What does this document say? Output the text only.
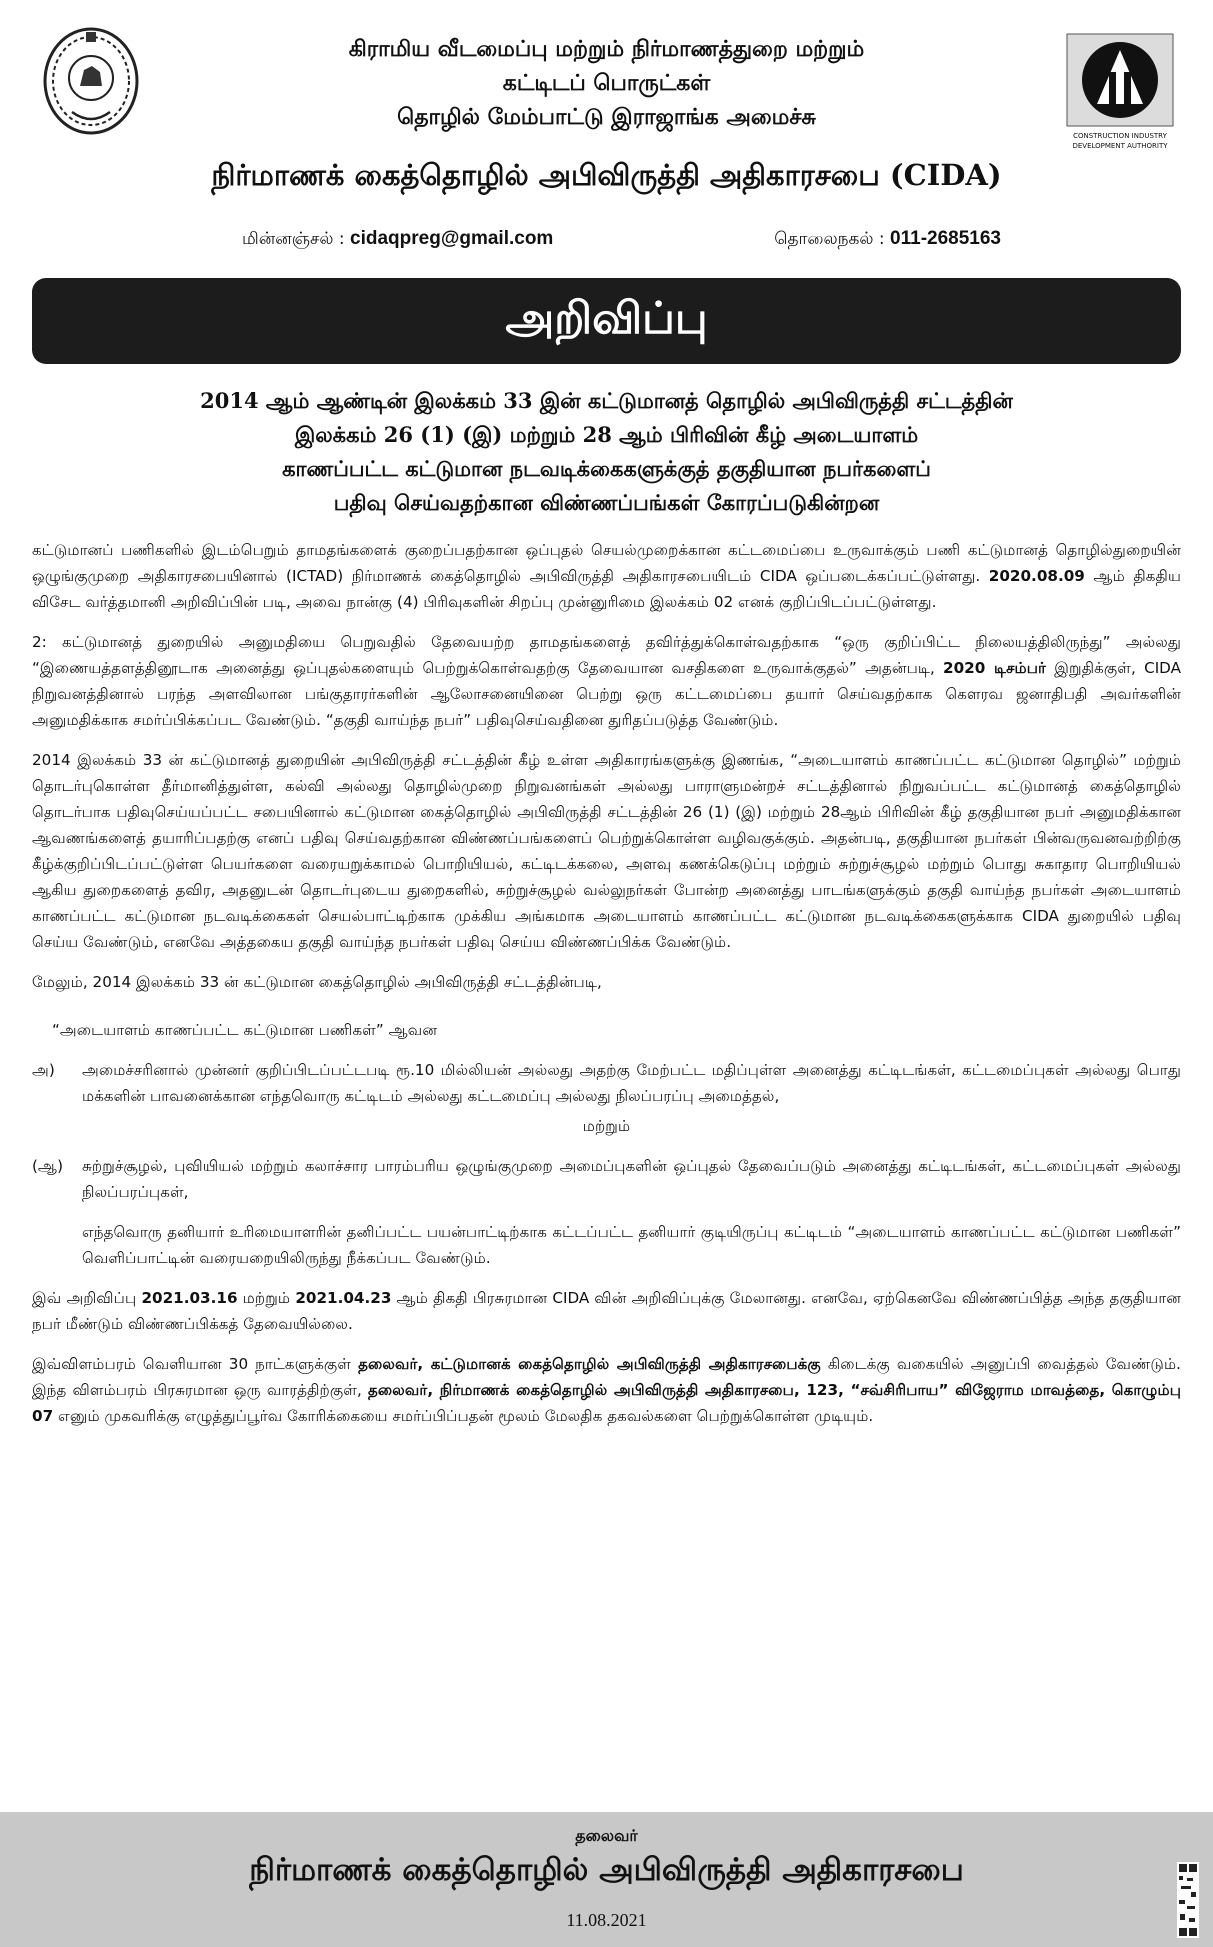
கிராமிய வீடமைப்பு மற்றும் நிர்மாணத்துறை மற்றும்
கட்டிடப் பொருட்கள்
தொழில் மேம்பாட்டு இராஜாங்க அமைச்சு
CONSTRUCTION INDUSTRY
DEVELOPMENT AUTHORITY
நிர்மாணக் கைத்தொழில் அபிவிருத்தி அதிகாரசபை (CIDA)
மின்னஞ்சல் : cidaqpreg@gmail.com	தொலைநகல் : 011-2685163
அறிவிப்பு
2014 ஆம் ஆண்டின் இலக்கம் 33 இன் கட்டுமானத் தொழில் அபிவிருத்தி சட்டத்தின்
இலக்கம் 26 (1) (இ) மற்றும் 28 ஆம் பிரிவின் கீழ் அடையாளம்
காணப்பட்ட கட்டுமான நடவடிக்கைகளுக்குத் தகுதியான நபர்களைப்
பதிவு செய்வதற்கான விண்ணப்பங்கள் கோரப்படுகின்றன

கட்டுமானப் பணிகளில் இடம்பெறும் தாமதங்களைக் குறைப்பதற்கான ஒப்புதல் செயல்முறைக்கான கட்டமைப்பை உருவாக்கும் பணி கட்டுமானத் தொழில்துறையின் ஒழுங்குமுறை அதிகாரசபையினால் (ICTAD) நிர்மாணக் கைத்தொழில் அபிவிருத்தி அதிகாரசபையிடம் CIDA ஒப்படைக்கப்பட்டுள்ளது. 2020.08.09 ஆம் திகதிய விசேட வர்த்தமானி அறிவிப்பின் படி, அவை நான்கு (4) பிரிவுகளின் சிறப்பு முன்னுரிமை இலக்கம் 02 எனக் குறிப்பிடப்பட்டுள்ளது.

2: கட்டுமானத் துறையில் அனுமதியை பெறுவதில் தேவையற்ற தாமதங்களைத் தவிர்த்துக்கொள்வதற்காக “ஒரு குறிப்பிட்ட நிலையத்திலிருந்து” அல்லது “இணையத்தளத்தினூடாக அனைத்து ஒப்புதல்களையும் பெற்றுக்கொள்வதற்கு தேவையான வசதிகளை உருவாக்குதல்” அதன்படி, 2020 டிசம்பர் இறுதிக்குள், CIDA நிறுவனத்தினால் பரந்த அளவிலான பங்குதாரர்களின் ஆலோசனையினை பெற்று ஒரு கட்டமைப்பை தயார் செய்வதற்காக கௌரவ ஜனாதிபதி அவர்களின் அனுமதிக்காக சமர்ப்பிக்கப்பட வேண்டும். “தகுதி வாய்ந்த நபர்” பதிவுசெய்வதினை துரிதப்படுத்த வேண்டும்.

2014 இலக்கம் 33 ன் கட்டுமானத் துறையின் அபிவிருத்தி சட்டத்தின் கீழ் உள்ள அதிகாரங்களுக்கு இணங்க, “அடையாளம் காணப்பட்ட கட்டுமான தொழில்” மற்றும் தொடர்புகொள்ள தீர்மானித்துள்ள, கல்வி அல்லது தொழில்முறை நிறுவனங்கள் அல்லது பாராளுமன்றச் சட்டத்தினால் நிறுவப்பட்ட கட்டுமானத் கைத்தொழில் தொடர்பாக பதிவுசெய்யப்பட்ட சபையினால் கட்டுமான கைத்தொழில் அபிவிருத்தி சட்டத்தின் 26 (1) (இ) மற்றும் 28ஆம் பிரிவின் கீழ் தகுதியான நபர் அனுமதிக்கான ஆவணங்களைத் தயாரிப்பதற்கு எனப் பதிவு செய்வதற்கான விண்ணப்பங்களைப் பெற்றுக்கொள்ள வழிவகுக்கும். அதன்படி, தகுதியான நபர்கள் பின்வருவனவற்றிற்கு கீழ்க்குறிப்பிடப்பட்டுள்ள பெயர்களை வரையறுக்காமல் பொறியியல், கட்டிடக்கலை, அளவு கணக்கெடுப்பு மற்றும் சுற்றுச்சூழல் மற்றும் பொது சுகாதார பொறியியல் ஆகிய துறைகளைத் தவிர, அதனுடன் தொடர்புடைய துறைகளில், சுற்றுச்சூழல் வல்லுநர்கள் போன்ற அனைத்து பாடங்களுக்கும் தகுதி வாய்ந்த நபர்கள் அடையாளம் காணப்பட்ட கட்டுமான நடவடிக்கைகள் செயல்பாட்டிற்காக முக்கிய அங்கமாக அடையாளம் காணப்பட்ட கட்டுமான நடவடிக்கைகளுக்காக CIDA துறையில் பதிவு செய்ய வேண்டும், எனவே அத்தகைய தகுதி வாய்ந்த நபர்கள் பதிவு செய்ய விண்ணப்பிக்க வேண்டும்.

மேலும், 2014 இலக்கம் 33 ன் கட்டுமான கைத்தொழில் அபிவிருத்தி சட்டத்தின்படி,

“அடையாளம் காணப்பட்ட கட்டுமான பணிகள்” ஆவன

அ)	அமைச்சரினால் முன்னர் குறிப்பிடப்பட்டபடி ரூ.10 மில்லியன் அல்லது அதற்கு மேற்பட்ட மதிப்புள்ள அனைத்து கட்டிடங்கள், கட்டமைப்புகள் அல்லது பொது மக்களின் பாவனைக்கான எந்தவொரு கட்டிடம் அல்லது கட்டமைப்பு அல்லது நிலப்பரப்பு அமைத்தல்,

மற்றும்

(ஆ)	சுற்றுச்சூழல், புவியியல் மற்றும் கலாச்சார பாரம்பரிய ஒழுங்குமுறை அமைப்புகளின் ஒப்புதல் தேவைப்படும் அனைத்து கட்டிடங்கள், கட்டமைப்புகள் அல்லது நிலப்பரப்புகள்,

எந்தவொரு தனியார் உரிமையாளரின் தனிப்பட்ட பயன்பாட்டிற்காக கட்டப்பட்ட தனியார் குடியிருப்பு கட்டிடம் “அடையாளம் காணப்பட்ட கட்டுமான பணிகள்” வெளிப்பாட்டின் வரையறையிலிருந்து நீக்கப்பட வேண்டும்.

இவ் அறிவிப்பு 2021.03.16 மற்றும் 2021.04.23 ஆம் திகதி பிரசுரமான CIDA வின் அறிவிப்புக்கு மேலானது. எனவே, ஏற்கெனவே விண்ணப்பித்த அந்த தகுதியான நபர் மீண்டும் விண்ணப்பிக்கத் தேவையில்லை.

இவ்விளம்பரம் வெளியான 30 நாட்களுக்குள் தலைவர், கட்டுமானக் கைத்தொழில் அபிவிருத்தி அதிகாரசபைக்கு கிடைக்கு வகையில் அனுப்பி வைத்தல் வேண்டும். இந்த விளம்பரம் பிரசுரமான ஒரு வாரத்திற்குள், தலைவர், நிர்மாணக் கைத்தொழில் அபிவிருத்தி அதிகாரசபை, 123, “சவ்சிரிபாய” விஜேராம மாவத்தை, கொழும்பு 07 எனும் முகவரிக்கு எழுத்துப்பூர்வ கோரிக்கையை சமர்ப்பிப்பதன் மூலம் மேலதிக தகவல்களை பெற்றுக்கொள்ள முடியும்.

தலைவர்
நிர்மாணக் கைத்தொழில் அபிவிருத்தி அதிகாரசபை
11.08.2021
